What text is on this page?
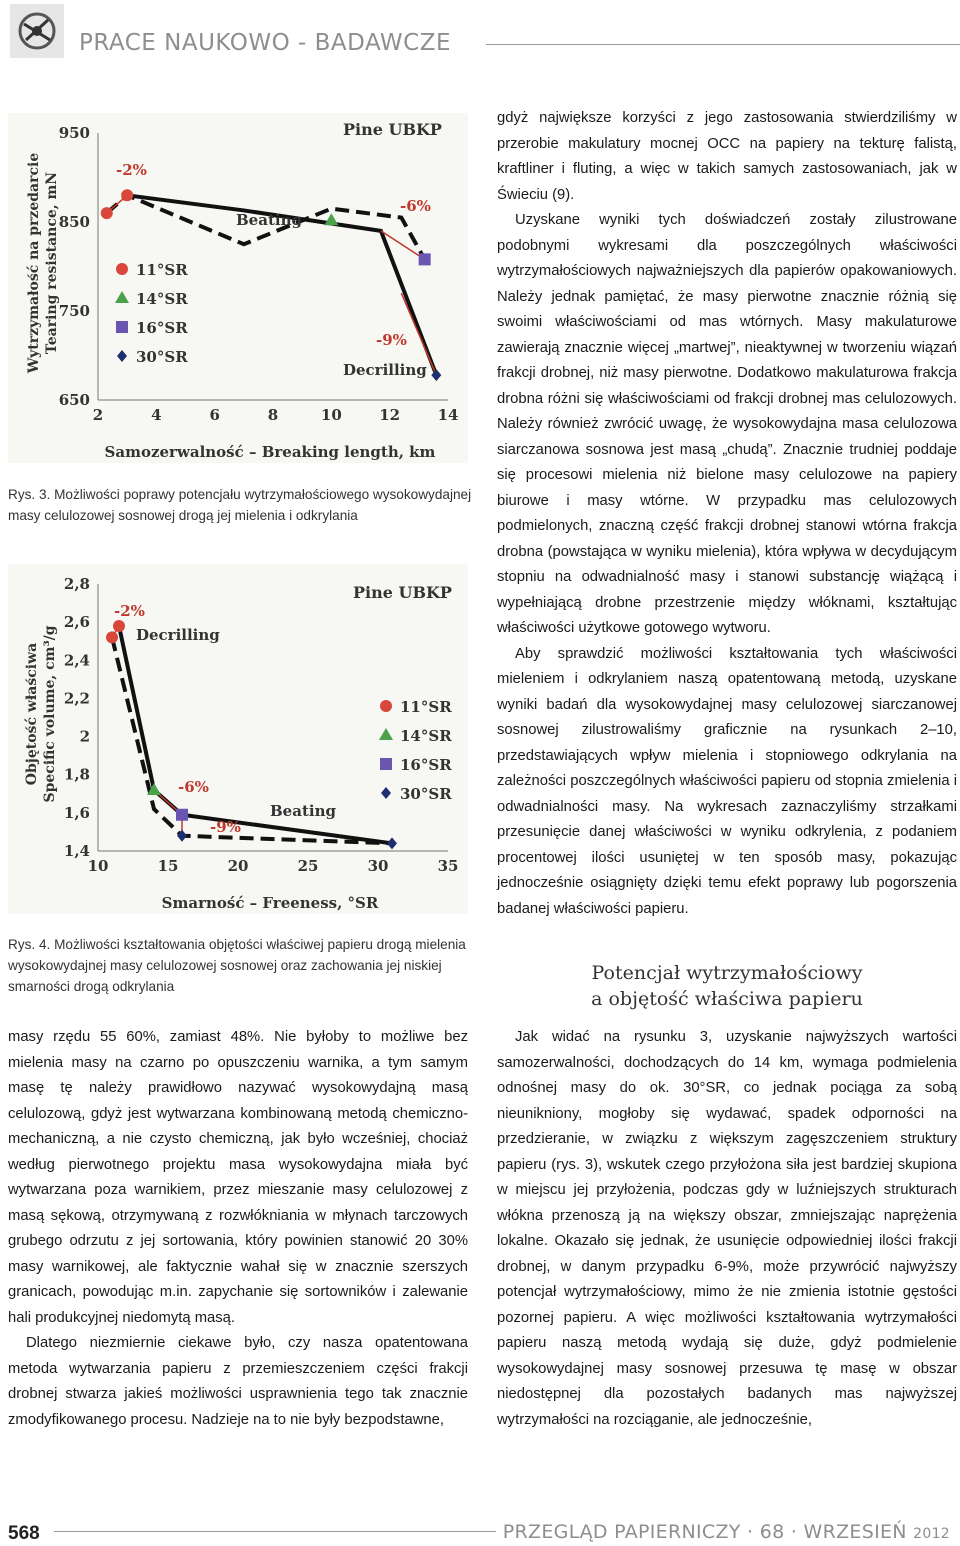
PRACE NAUKOWO - BADAWCZE
2	4	6	8	10 12 14
950
850
750
650
Pine UBKP
Beating
Decrilling
-2%
-6%
-9%
11°SR
14°SR
16°SR
30°SR
Samozerwalność – Breaking length, km
Wytrzymałość na przedarcie Tearing resistance, mN

Rys. 3. Możliwości poprawy potencjału wytrzymałościowego wysokowydajnej masy celulozowej sosnowej drogą jej mielenia i odkrylania

10	15	20	25	30	35
2,8
2,6
2,4
2,2
2
1,8
1,6
1,4
Pine UBKP
Beating
Decrilling
-2%
-6%
-9%
11°SR
14°SR
16°SR
30°SR
Smarność – Freeness, °SR
Objętość właściwa Specific volume, cm³/g

Rys. 4. Możliwości kształtowania objętości właściwej papieru drogą mielenia wysokowydajnej masy celulozowej sosnowej oraz zachowania jej niskiej smarności drogą odkrylania

masy rzędu 55 60%, zamiast 48%. Nie byłoby to możliwe bez mielenia masy na czarno po opuszczeniu warnika, a tym samym masę tę należy prawidłowo nazywać wysokowydajną masą celulozową, gdyż jest wytwarzana kombinowaną metodą chemiczno-mechaniczną, a nie czysto chemiczną, jak było wcześniej, chociaż według pierwotnego projektu masa wysokowydajna miała być wytwarzana poza warnikiem, przez mieszanie masy celulozowej z masą sękową, otrzymywaną z rozwłókniania w młynach tarczowych grubego odrzutu z jej sortowania, który powinien stanowić 20 30% masy warnikowej, ale faktycznie wahał się w znacznie szerszych granicach, powodując m.in. zapychanie się sortowników i zalewanie hali produkcyjnej niedomytą masą.

Dlatego niezmiernie ciekawe było, czy nasza opatentowana metoda wytwarzania papieru z przemieszczeniem części frakcji drobnej stwarza jakieś możliwości usprawnienia tego tak znacznie zmodyfikowanego procesu. Nadzieje na to nie były bezpodstawne,

gdyż największe korzyści z jego zastosowania stwierdziliśmy w przerobie makulatury mocnej OCC na papiery na tekturę falistą, kraftliner i fluting, a więc w takich samych zastosowaniach, jak w Świeciu (9).

Uzyskane wyniki tych doświadczeń zostały zilustrowane podobnymi wykresami dla poszczególnych właściwości wytrzymałościowych najważniejszych dla papierów opakowaniowych. Należy jednak pamiętać, że masy pierwotne znacznie różnią się swoimi właściwościami od mas wtórnych. Masy makulaturowe zawierają znacznie więcej „martwej”, nieaktywnej w tworzeniu wiązań frakcji drobnej, niż masy pierwotne. Dodatkowo makulaturowa frakcja drobna różni się właściwościami od frakcji drobnej mas celulozowych. Należy również zwrócić uwagę, że wysokowydajna masa celulozowa siarczanowa sosnowa jest masą „chudą”. Znacznie trudniej poddaje się procesowi mielenia niż bielone masy celulozowe na papiery biurowe i masy wtórne. W przypadku mas celulozowych podmielonych, znaczną część frakcji drobnej stanowi wtórna frakcja drobna (powstająca w wyniku mielenia), która wpływa w decydującym stopniu na odwadnialność masy i stanowi substancję wiążącą i wypełniającą drobne przestrzenie między włóknami, kształtując właściwości użytkowe gotowego wytworu.

Aby sprawdzić możliwości kształtowania tych właściwości mieleniem i odkrylaniem naszą opatentowaną metodą, uzyskane wyniki badań dla wysokowydajnej masy celulozowej siarczanowej sosnowej zilustrowaliśmy graficznie na rysunkach 2–10, przedstawiających wpływ mielenia i stopniowego odkrylania na zależności poszczególnych właściwości papieru od stopnia zmielenia i odwadnialności masy. Na wykresach zaznaczyliśmy strzałkami przesunięcie danej właściwości w wyniku odkrylenia, z podaniem procentowej ilości usuniętej w ten sposób masy, pokazując jednocześnie osiągnięty dzięki temu efekt poprawy lub pogorszenia badanej właściwości papieru.

Potencjał wytrzymałościowy
a objętość właściwa papieru

Jak widać na rysunku 3, uzyskanie najwyższych wartości samozerwalności, dochodzących do 14 km, wymaga podmielenia odnośnej masy do ok. 30°SR, co jednak pociąga za sobą nieunikniony, mogłoby się wydawać, spadek odporności na przedzieranie, w związku z większym zagęszczeniem struktury papieru (rys. 3), wskutek czego przyłożona siła jest bardziej skupiona w miejscu jej przyłożenia, podczas gdy w luźniejszych strukturach włókna przenoszą ją na większy obszar, zmniejszając naprężenia lokalne. Okazało się jednak, że usunięcie odpowiedniej ilości frakcji drobnej, w danym przypadku 6-9%, może przywrócić najwyższy potencjał wytrzymałościowy, mimo że nie zmienia istotnie gęstości pozornej papieru. A więc możliwości kształtowania wytrzymałości papieru naszą metodą wydają się duże, gdyż podmielenie wysokowydajnej masy sosnowej przesuwa tę masę w obszar niedostępnej dla pozostałych badanych mas najwyższej wytrzymałości na rozciąganie, ale jednocześnie,

568	PRZEGLĄD PAPIERNICZY · 68 · WRZESIEŃ 2012
